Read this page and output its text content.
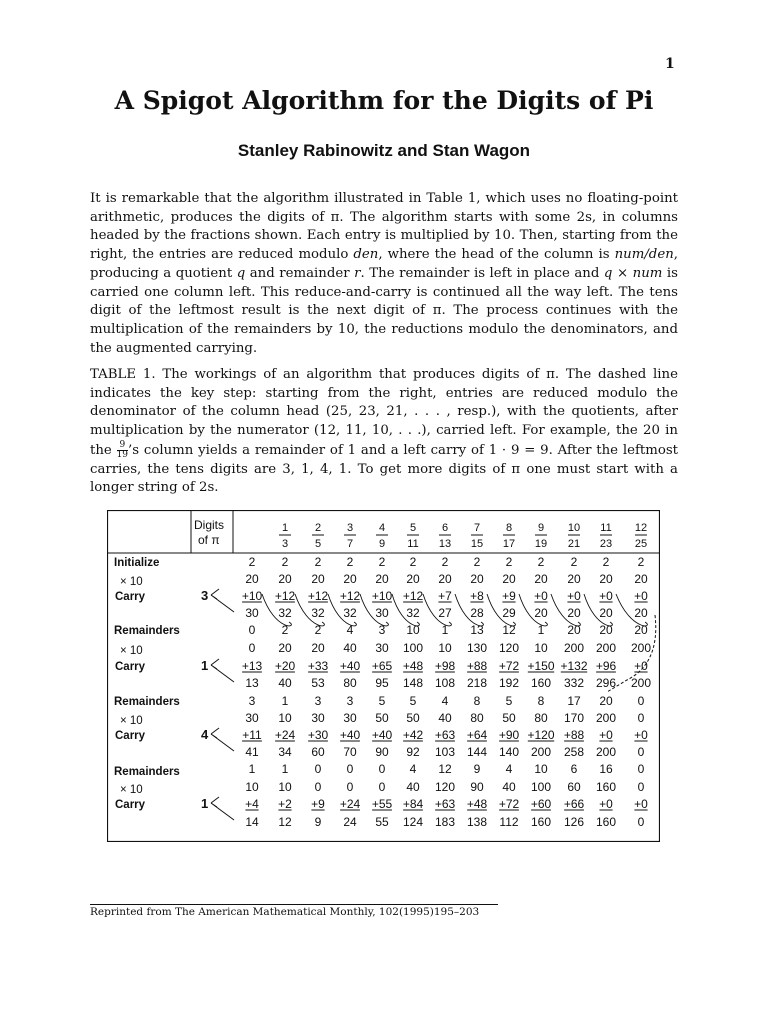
1
A Spigot Algorithm for the Digits of Pi
Stanley Rabinowitz and Stan Wagon

It is remarkable that the algorithm illustrated in Table 1, which uses no floating-point arithmetic, produces the digits of π. The algorithm starts with some 2s, in columns headed by the fractions shown. Each entry is multiplied by 10. Then, starting from the right, the entries are reduced modulo den, where the head of the column is num/den, producing a quotient q and remainder r. The remainder is left in place and q × num is carried one column left. This reduce-and-carry is continued all the way left. The tens digit of the leftmost result is the next digit of π. The process continues with the multiplication of the remainders by 10, the reductions modulo the denominators, and the augmented carrying.

TABLE 1. The workings of an algorithm that produces digits of π. The dashed line indicates the key step: starting from the right, entries are reduced modulo the denominator of the column head (25, 23, 21, . . . , resp.), with the quotients, after multiplication by the numerator (12, 11, 10, . . .), carried left. For example, the 20 in the $\frac{9}{19}$ ’s column yields a remainder of 1 and a left carry of 1 · 9 = 9. After the leftmost carries, the tens digits are 3, 1, 4, 1. To get more digits of π one must start with a longer string of 2s.

Digits
of π
1
3
2
5
3
7
4
9
5
11
6
13
7
15
8
17
9
19
10
21
11
23
12
25
2 2 2 2 2 2 2 2 2 2 2 2 2
20 20 20 20 20 20 20 20 20 20 20 20 20
+10 +12 +12 +12 +10 +12 +7 +8 +9 +0 +0 +0 +0
30 32 32 32 30 32 27 28 29 20 20 20 20
0 2 2 4 3 10 1 13 12 1 20 20 20
0 20 20 40 30 100 10 130 120 10 200 200 200
+13 +20 +33 +40 +65 +48 +98 +88 +72 +150 +132 +96 +0
13 40 53 80 95 148 108 218 192 160 332 296 200
3 1 3 3 5 5 4 8 5 8 17 20 0
30 10 30 30 50 50 40 80 50 80 170 200 0
+11 +24 +30 +40 +40 +42 +63 +64 +90 +120 +88 +0 +0
41 34 60 70 90 92 103 144 140 200 258 200 0
1 1 0 0 0 4 12 9 4 10 6 16 0
10 10 0 0 0 40 120 90 40 100 60 160 0
+4 +2 +9 +24 +55 +84 +63 +48 +72 +60 +66 +0 +0
14 12 9 24 55 124 183 138 112 160 126 160 0
Initialize
× 10
Carry
Remainders
× 10
Carry
Remainders
× 10
Carry
Remainders
× 10
Carry
3
1
4
1
Reprinted from The American Mathematical Monthly, 102(1995)195–203
